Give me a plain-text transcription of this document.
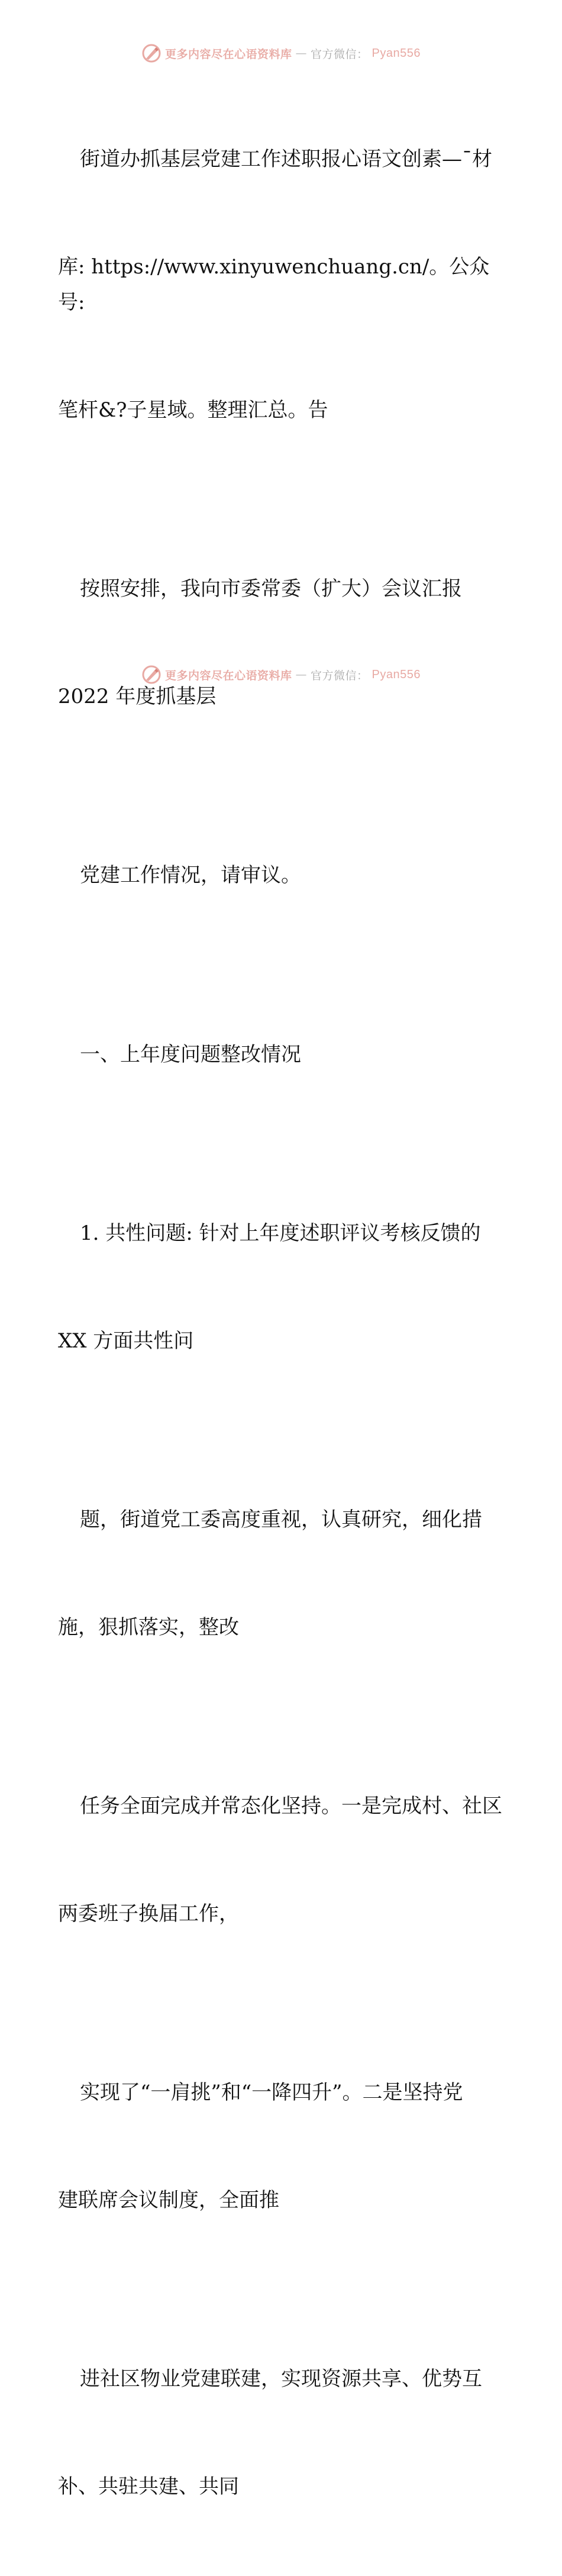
更多内容尽在心语资料库 — 官方微信： Pyan556

街道办抓基层党建工作述职报心语文创素—¯材

库: https://www.xinyuwenchuang.cn/。公众号:

笔杆&?子星域。整理汇总。告

按照安排，我向市委常委（扩大）会议汇报

2022 年度抓基层

党建工作情况，请审议。

一、上年度问题整改情况

1. 共性问题: 针对上年度述职评议考核反馈的

XX 方面共性问

题，街道党工委高度重视，认真研究，细化措

施，狠抓落实，整改

任务全面完成并常态化坚持。一是完成村、社区

两委班子换届工作，

实现了“一肩挑”和“一降四升”。二是坚持党

建联席会议制度，全面推

进社区物业党建联建，实现资源共享、优势互

补、共驻共建、共同

更多内容尽在心语资料库 — 官方微信： Pyan556
